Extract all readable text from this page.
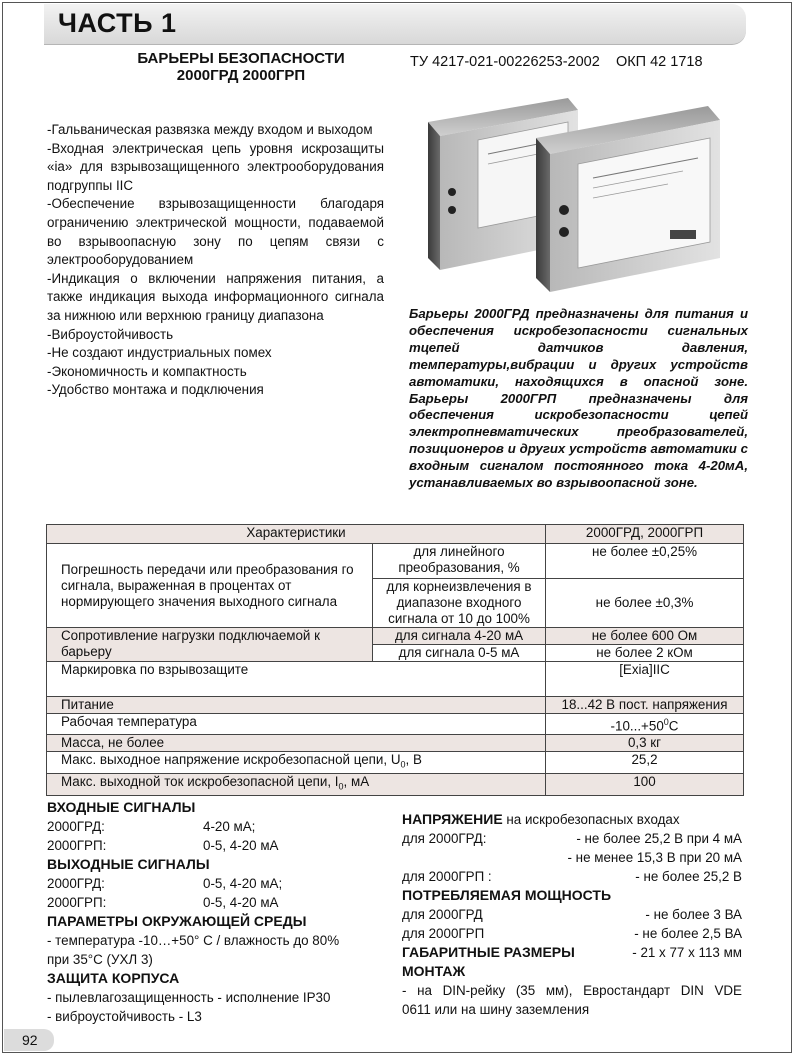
ЧАСТЬ 1
БАРЬЕРЫ БЕЗОПАСНОСТИ
2000ГРД 2000ГРП
ТУ 4217-021-00226253-2002 ОКП 42 1718
-Гальваническая развязка между входом и выходом
-Входная электрическая цепь уровня искрозащиты «ia» для взрывозащищенного электрооборудования подгруппы IIC
-Обеспечение взрывозащищенности благодаря ограничению электрической мощности, подаваемой во взрывоопасную зону по цепям связи с электрооборудованием
-Индикация о включении напряжения питания, а также индикация выхода информационного сигнала за нижнюю или верхнюю границу диапазона
-Виброустойчивость
-Не создают индустриальных помех
-Экономичность и компактность
-Удобство монтажа и подключения
Барьеры 2000ГРД предназначены для питания и обеспечения искробезопасности сигнальных тцепей датчиков давления, температуры,вибрации и других устройств автоматики, находящихся в опасной зоне. Барьеры 2000ГРП предназначены для обеспечения искробезопасности цепей электропневматических преобразователей, позиционеров и других устройств автоматики с входным сигналом постоянного тока 4-20мА, устанавливаемых во взрывоопасной зоне.
Характеристики		2000ГРД, 2000ГРП
Погрешность передачи или преобразования го сигнала, выраженная в процентах от нормирующего значения выходного сигнала	для линейного преобразования, %	не более ±0,25%
	для корнеизвлечения в диапазоне входного сигнала от 10 до 100%	не более ±0,3%
Сопротивление нагрузки подключаемой к барьеру	для сигнала 4-20 мА	не более 600 Ом
	для сигнала 0-5 мА	не более 2 кОм
Маркировка по взрывозащите		[Exia]IIC
Питание		18...42 В пост. напряжения
Рабочая температура		$-10...+50^0С$
Масса, не более		0,3 кг
Макс. выходное напряжение искробезопасной цепи, $U_0$, В		25,2
Макс. выходной ток искробезопасной цепи, $I_0$, мА		100
ВХОДНЫЕ СИГНАЛЫ
2000ГРД:	4-20 мА;
2000ГРП:	0-5, 4-20 мА
ВЫХОДНЫЕ СИГНАЛЫ
2000ГРД:	0-5, 4-20 мА;
2000ГРП:	0-5, 4-20 мА
ПАРАМЕТРЫ ОКРУЖАЮЩЕЙ СРЕДЫ
- температура -10…+50° С / влажность до 80%
при 35°С (УХЛ 3)
ЗАЩИТА КОРПУСА
- пылевлагозащищенность - исполнение IP30
- виброустойчивость - L3
НАПРЯЖЕНИЕ на искробезопасных входах
для 2000ГРД:	- не более 25,2 В при 4 мА
- не менее 15,3 В при 20 мА
для 2000ГРП :	- не более 25,2 В
ПОТРЕБЛЯЕМАЯ МОЩНОСТЬ
для 2000ГРД	- не более 3 ВА
для 2000ГРП	- не более 2,5 ВА
ГАБАРИТНЫЕ РАЗМЕРЫ	- 21 х 77 х 113 мм
МОНТАЖ
- на DIN-рейку (35 мм), Евростандарт DIN VDE
0611 или на шину заземления
92
